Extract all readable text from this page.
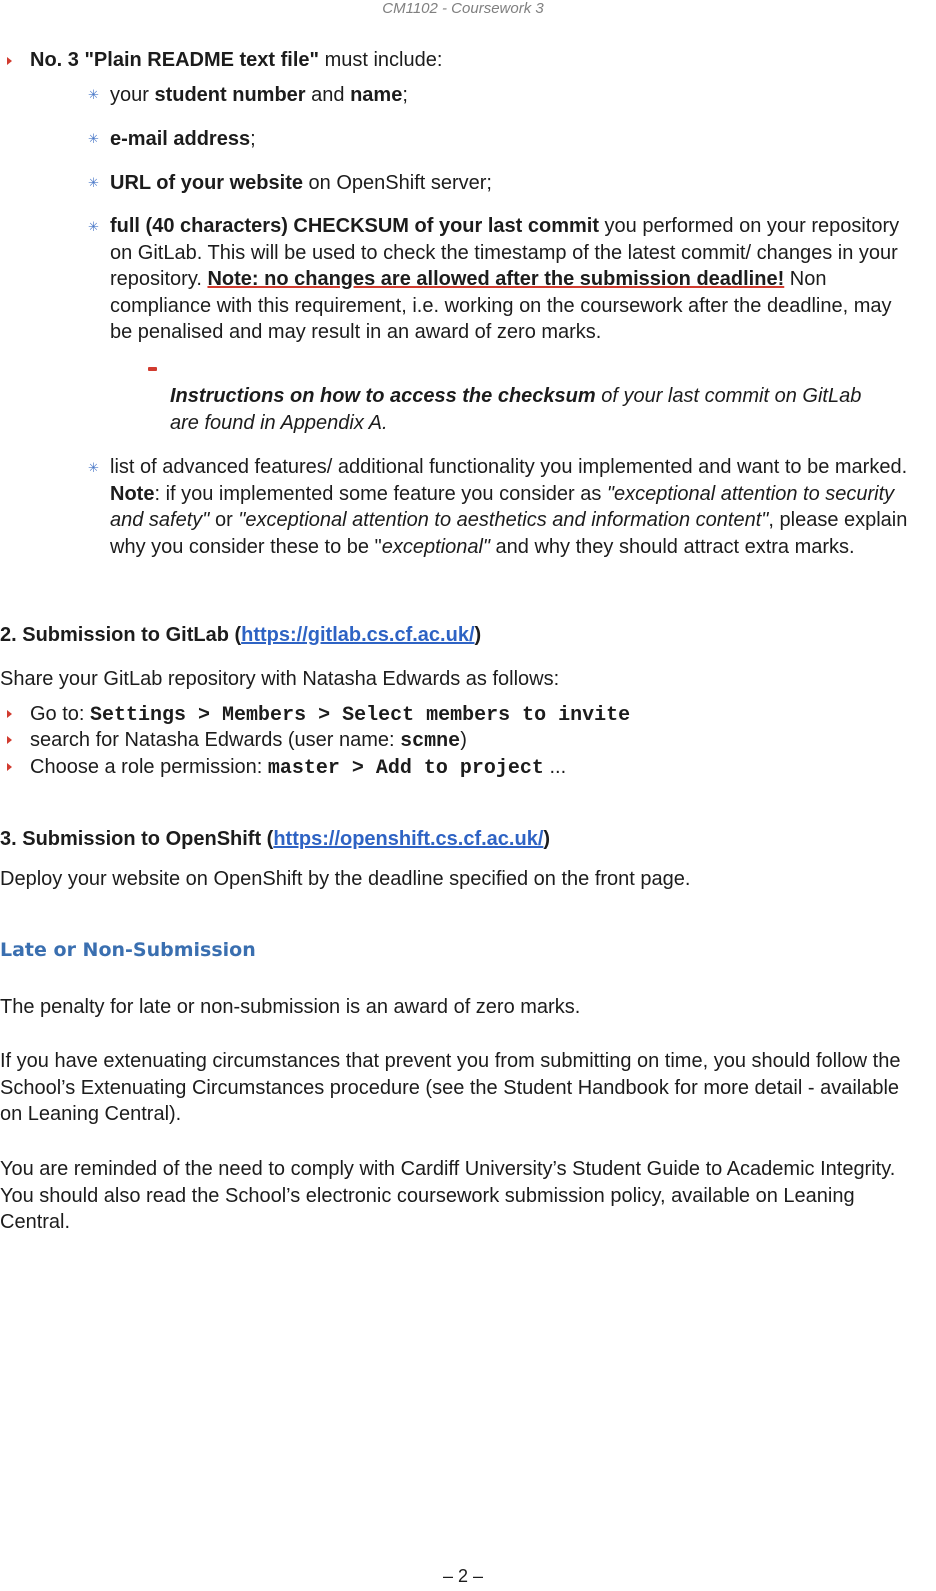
CM1102 - Coursework 3
No. 3 "Plain README text file" must include:
✳ your student number and name;
✳ e-mail address;
✳ URL of your website on OpenShift server;
✳ full (40 characters) CHECKSUM of your last commit you performed on your repository on GitLab. This will be used to check the timestamp of the latest commit/ changes in your repository. Note: no changes are allowed after the submission deadline! Non compliance with this requirement, i.e. working on the coursework after the deadline, may be penalised and may result in an award of zero marks.
Instructions on how to access the checksum of your last commit on GitLab are found in Appendix A.
✳ list of advanced features/ additional functionality you implemented and want to be marked. Note: if you implemented some feature you consider as "exceptional attention to security and safety" or "exceptional attention to aesthetics and information content", please explain why you consider these to be "exceptional" and why they should attract extra marks.
2. Submission to GitLab (https://gitlab.cs.cf.ac.uk/)
Share your GitLab repository with Natasha Edwards as follows:
Go to: Settings > Members > Select members to invite
search for Natasha Edwards (user name: scmne)
Choose a role permission: master > Add to project ...
3. Submission to OpenShift (https://openshift.cs.cf.ac.uk/)
Deploy your website on OpenShift by the deadline specified on the front page.
Late or Non-Submission
The penalty for late or non-submission is an award of zero marks.
If you have extenuating circumstances that prevent you from submitting on time, you should follow the School’s Extenuating Circumstances procedure (see the Student Handbook for more detail - available on Leaning Central).
You are reminded of the need to comply with Cardiff University’s Student Guide to Academic Integrity. You should also read the School’s electronic coursework submission policy, available on Leaning Central.
– 2 –
